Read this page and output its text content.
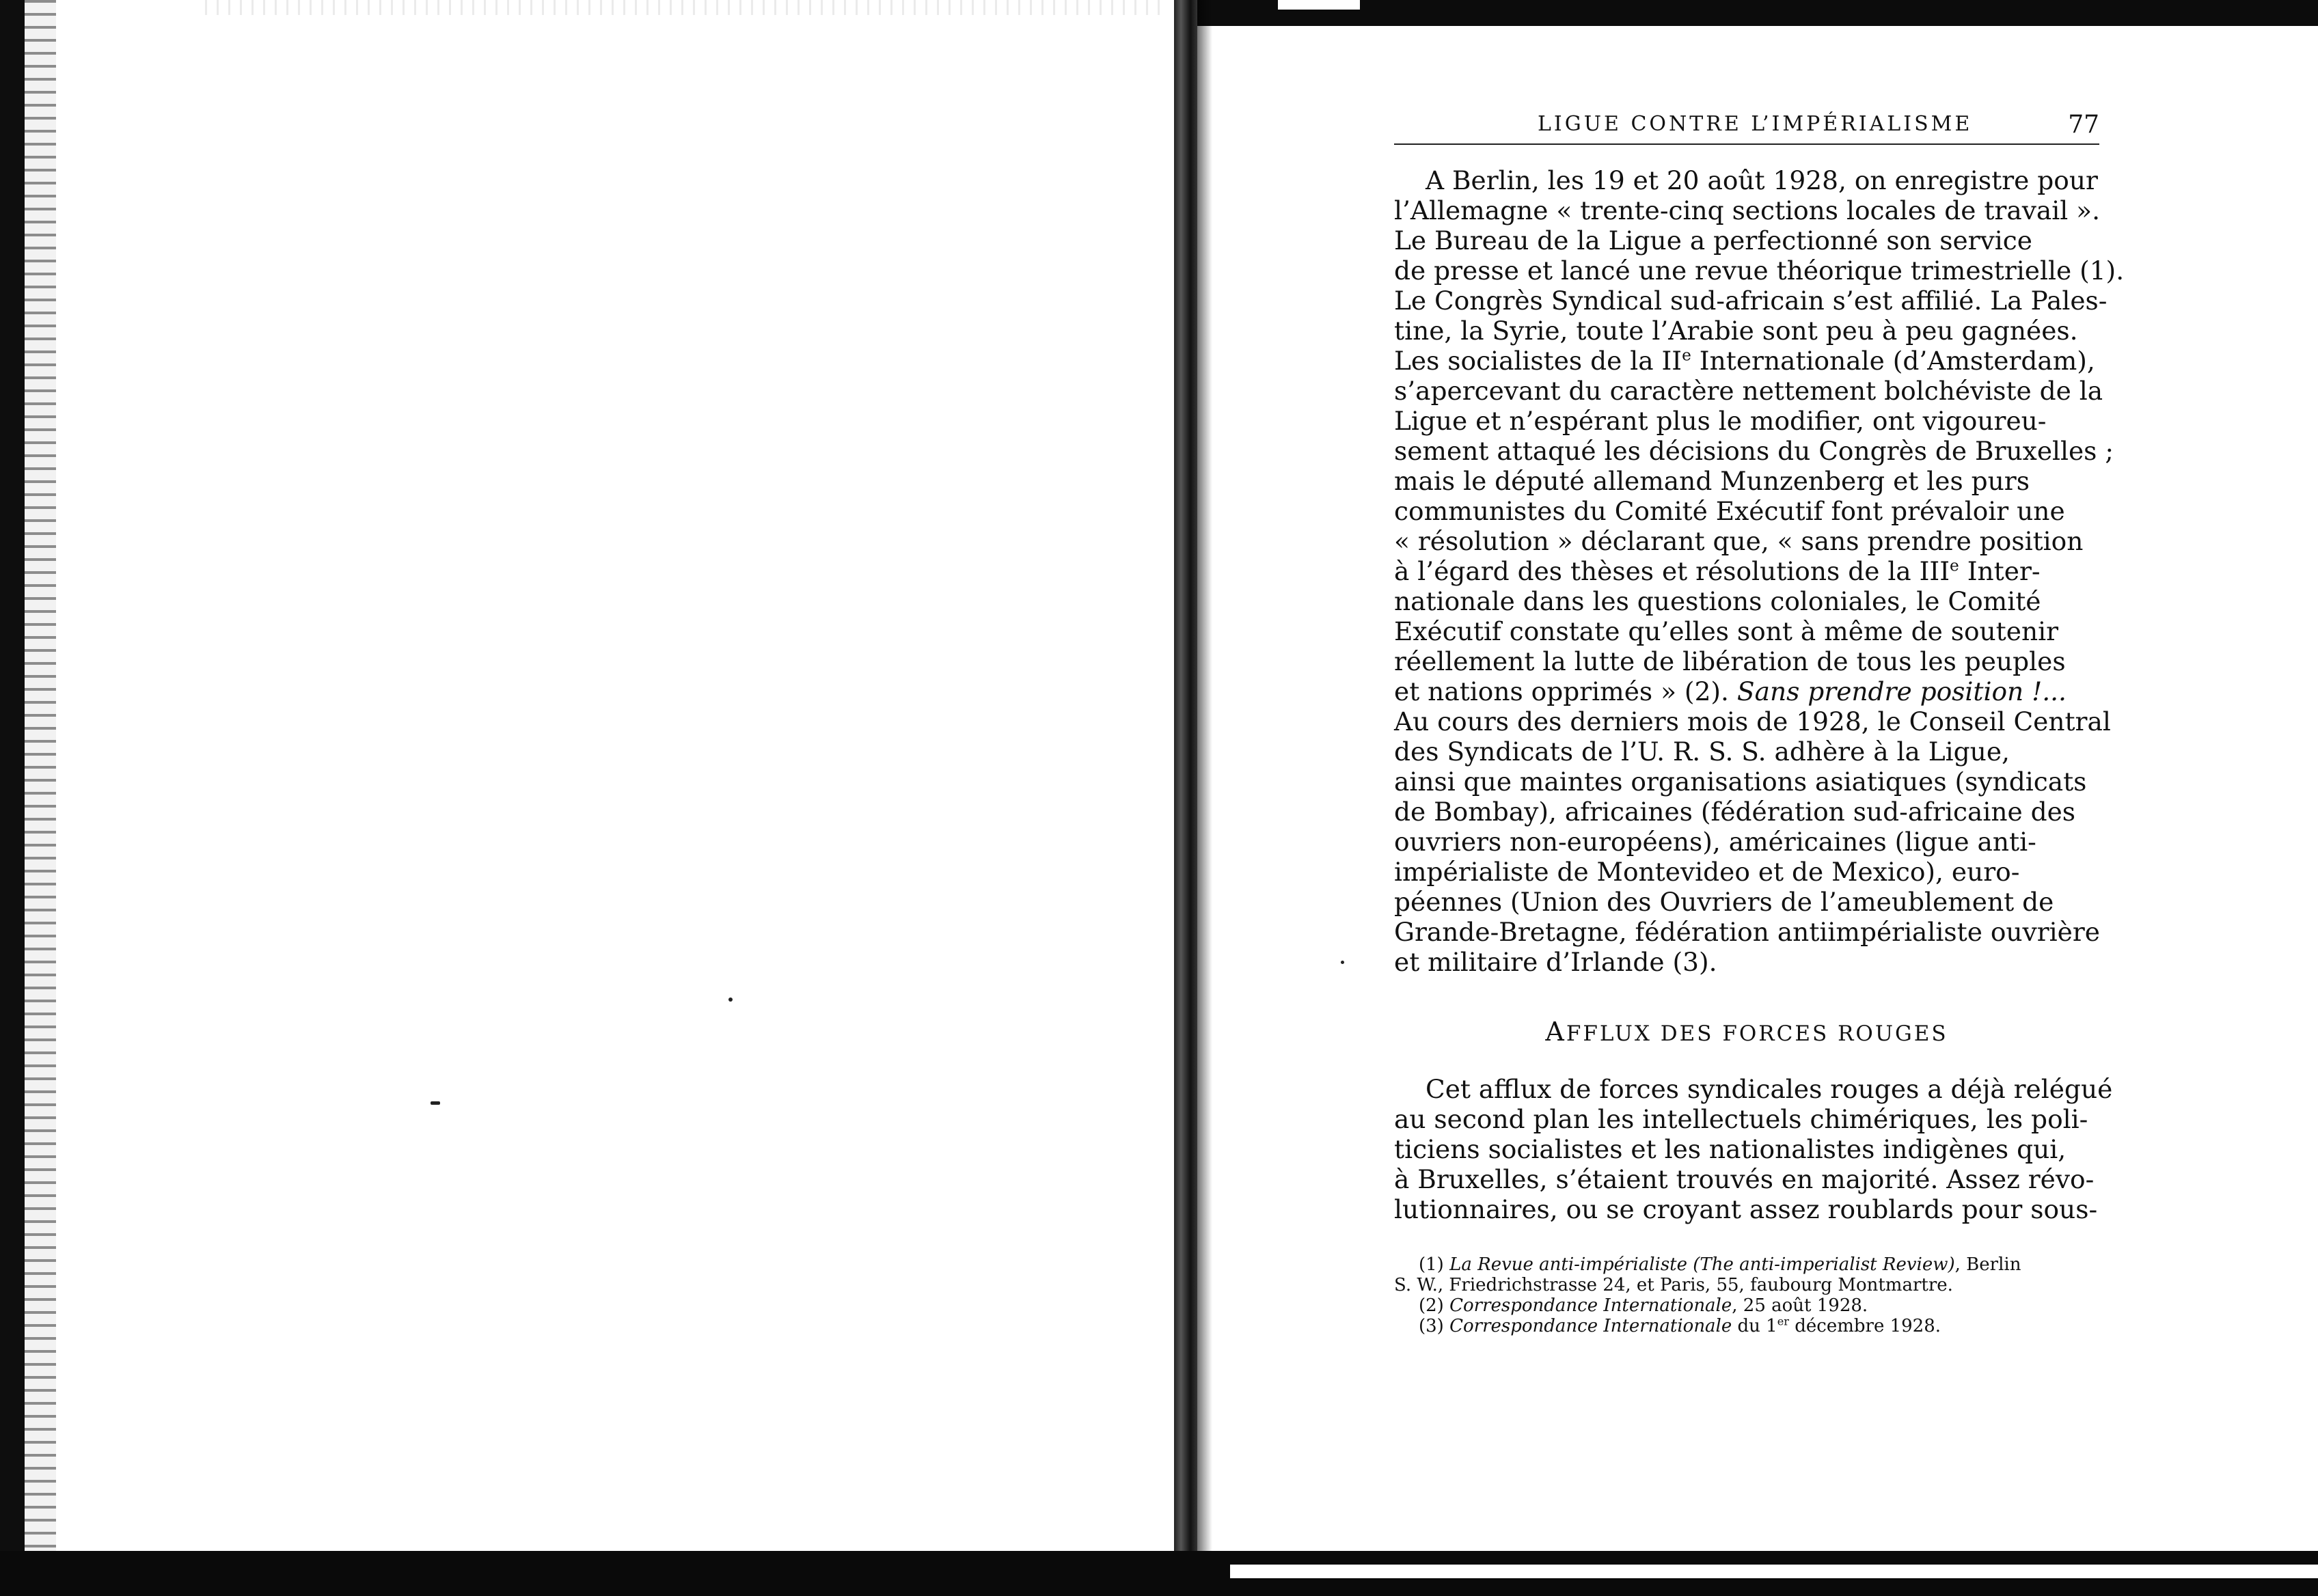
LIGUE CONTRE L’IMPÉRIALISME	77

A Berlin, les 19 et 20 août 1928, on enregistre pour
l’Allemagne « trente-cinq sections locales de travail ».
Le Bureau de la Ligue a perfectionné son service
de presse et lancé une revue théorique trimestrielle (1).
Le Congrès Syndical sud-africain s’est affilié. La Pales-
tine, la Syrie, toute l’Arabie sont peu à peu gagnées.
Les socialistes de la IIe Internationale (d’Amsterdam),
s’apercevant du caractère nettement bolchéviste de la
Ligue et n’espérant plus le modifier, ont vigoureu-
sement attaqué les décisions du Congrès de Bruxelles ;
mais le député allemand Munzenberg et les purs
communistes du Comité Exécutif font prévaloir une
« résolution » déclarant que, « sans prendre position
à l’égard des thèses et résolutions de la IIIe Inter-
nationale dans les questions coloniales, le Comité
Exécutif constate qu’elles sont à même de soutenir
réellement la lutte de libération de tous les peuples
et nations opprimés » (2). Sans prendre position !...
Au cours des derniers mois de 1928, le Conseil Central
des Syndicats de l’U. R. S. S. adhère à la Ligue,
ainsi que maintes organisations asiatiques (syndicats
de Bombay), africaines (fédération sud-africaine des
ouvriers non-européens), américaines (ligue anti-
impérialiste de Montevideo et de Mexico), euro-
péennes (Union des Ouvriers de l’ameublement de
Grande-Bretagne, fédération antiimpérialiste ouvrière
et militaire d’Irlande (3).

AFFLUX DES FORCES ROUGES

Cet afflux de forces syndicales rouges a déjà relégué
au second plan les intellectuels chimériques, les poli-
ticiens socialistes et les nationalistes indigènes qui,
à Bruxelles, s’étaient trouvés en majorité. Assez révo-
lutionnaires, ou se croyant assez roublards pour sous-

(1) La Revue anti-impérialiste (The anti-imperialist Review), Berlin
S. W., Friedrichstrasse 24, et Paris, 55, faubourg Montmartre.
(2) Correspondance Internationale, 25 août 1928.
(3) Correspondance Internationale du 1er décembre 1928.
